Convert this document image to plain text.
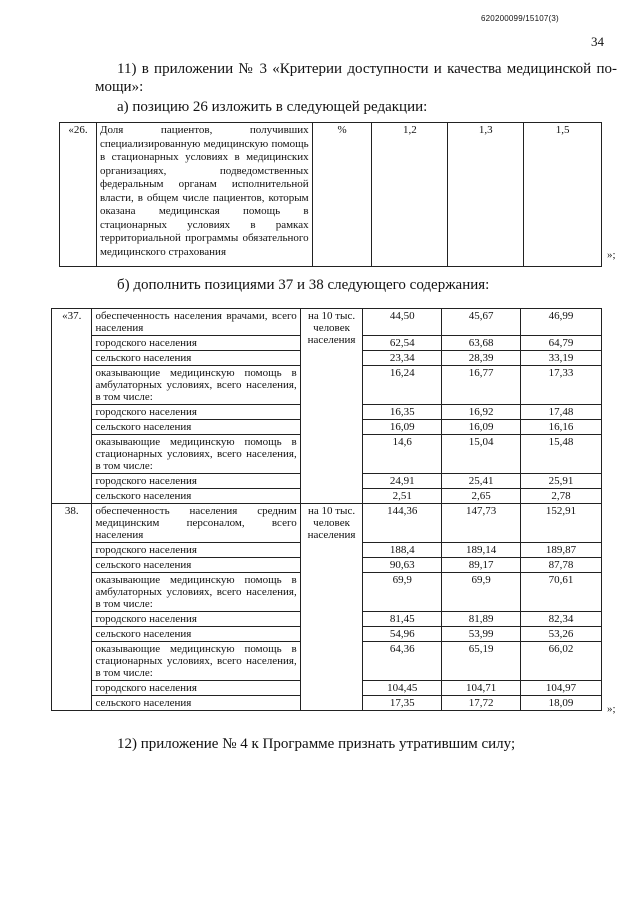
620200099/15107(3)
34
11) в приложении № 3 «Критерии доступности и качества медицинской по-
мощи»:
а) позицию 26 изложить в следующей редакции:
«26.	Доля пациентов, получивших специализированную медицинскую помощь в стационарных условиях в медицинских организациях, подведомственных федеральным органам исполнительной власти, в общем числе пациентов, которым оказана медицинская помощь в стационарных условиях в рамках территориальной программы обязательного медицинского страхования	%	1,2	1,3	1,5
»;
б) дополнить позициями 37 и 38 следующего содержания:
«37.	обеспеченность населения врачами, всего населения	на 10 тыс. человек населения	44,50	45,67	46,99
	городского населения		62,54	63,68	64,79
	сельского населения		23,34	28,39	33,19
	оказывающие медицинскую помощь в амбулаторных условиях, всего населения, в том числе:		16,24	16,77	17,33
	городского населения		16,35	16,92	17,48
	сельского населения		16,09	16,09	16,16
	оказывающие медицинскую помощь в стационарных условиях, всего населения, в том числе:		14,6	15,04	15,48
	городского населения		24,91	25,41	25,91
	сельского населения		2,51	2,65	2,78
38.	обеспеченность населения средним медицинским персоналом, всего населения	на 10 тыс. человек населения	144,36	147,73	152,91
	городского населения		188,4	189,14	189,87
	сельского населения		90,63	89,17	87,78
	оказывающие медицинскую помощь в амбулаторных условиях, всего населения, в том числе:		69,9	69,9	70,61
	городского населения		81,45	81,89	82,34
	сельского населения		54,96	53,99	53,26
	оказывающие медицинскую помощь в стационарных условиях, всего населения, в том числе:		64,36	65,19	66,02
	городского населения		104,45	104,71	104,97
	сельского населения		17,35	17,72	18,09	»;
12) приложение № 4 к Программе признать утратившим силу;
